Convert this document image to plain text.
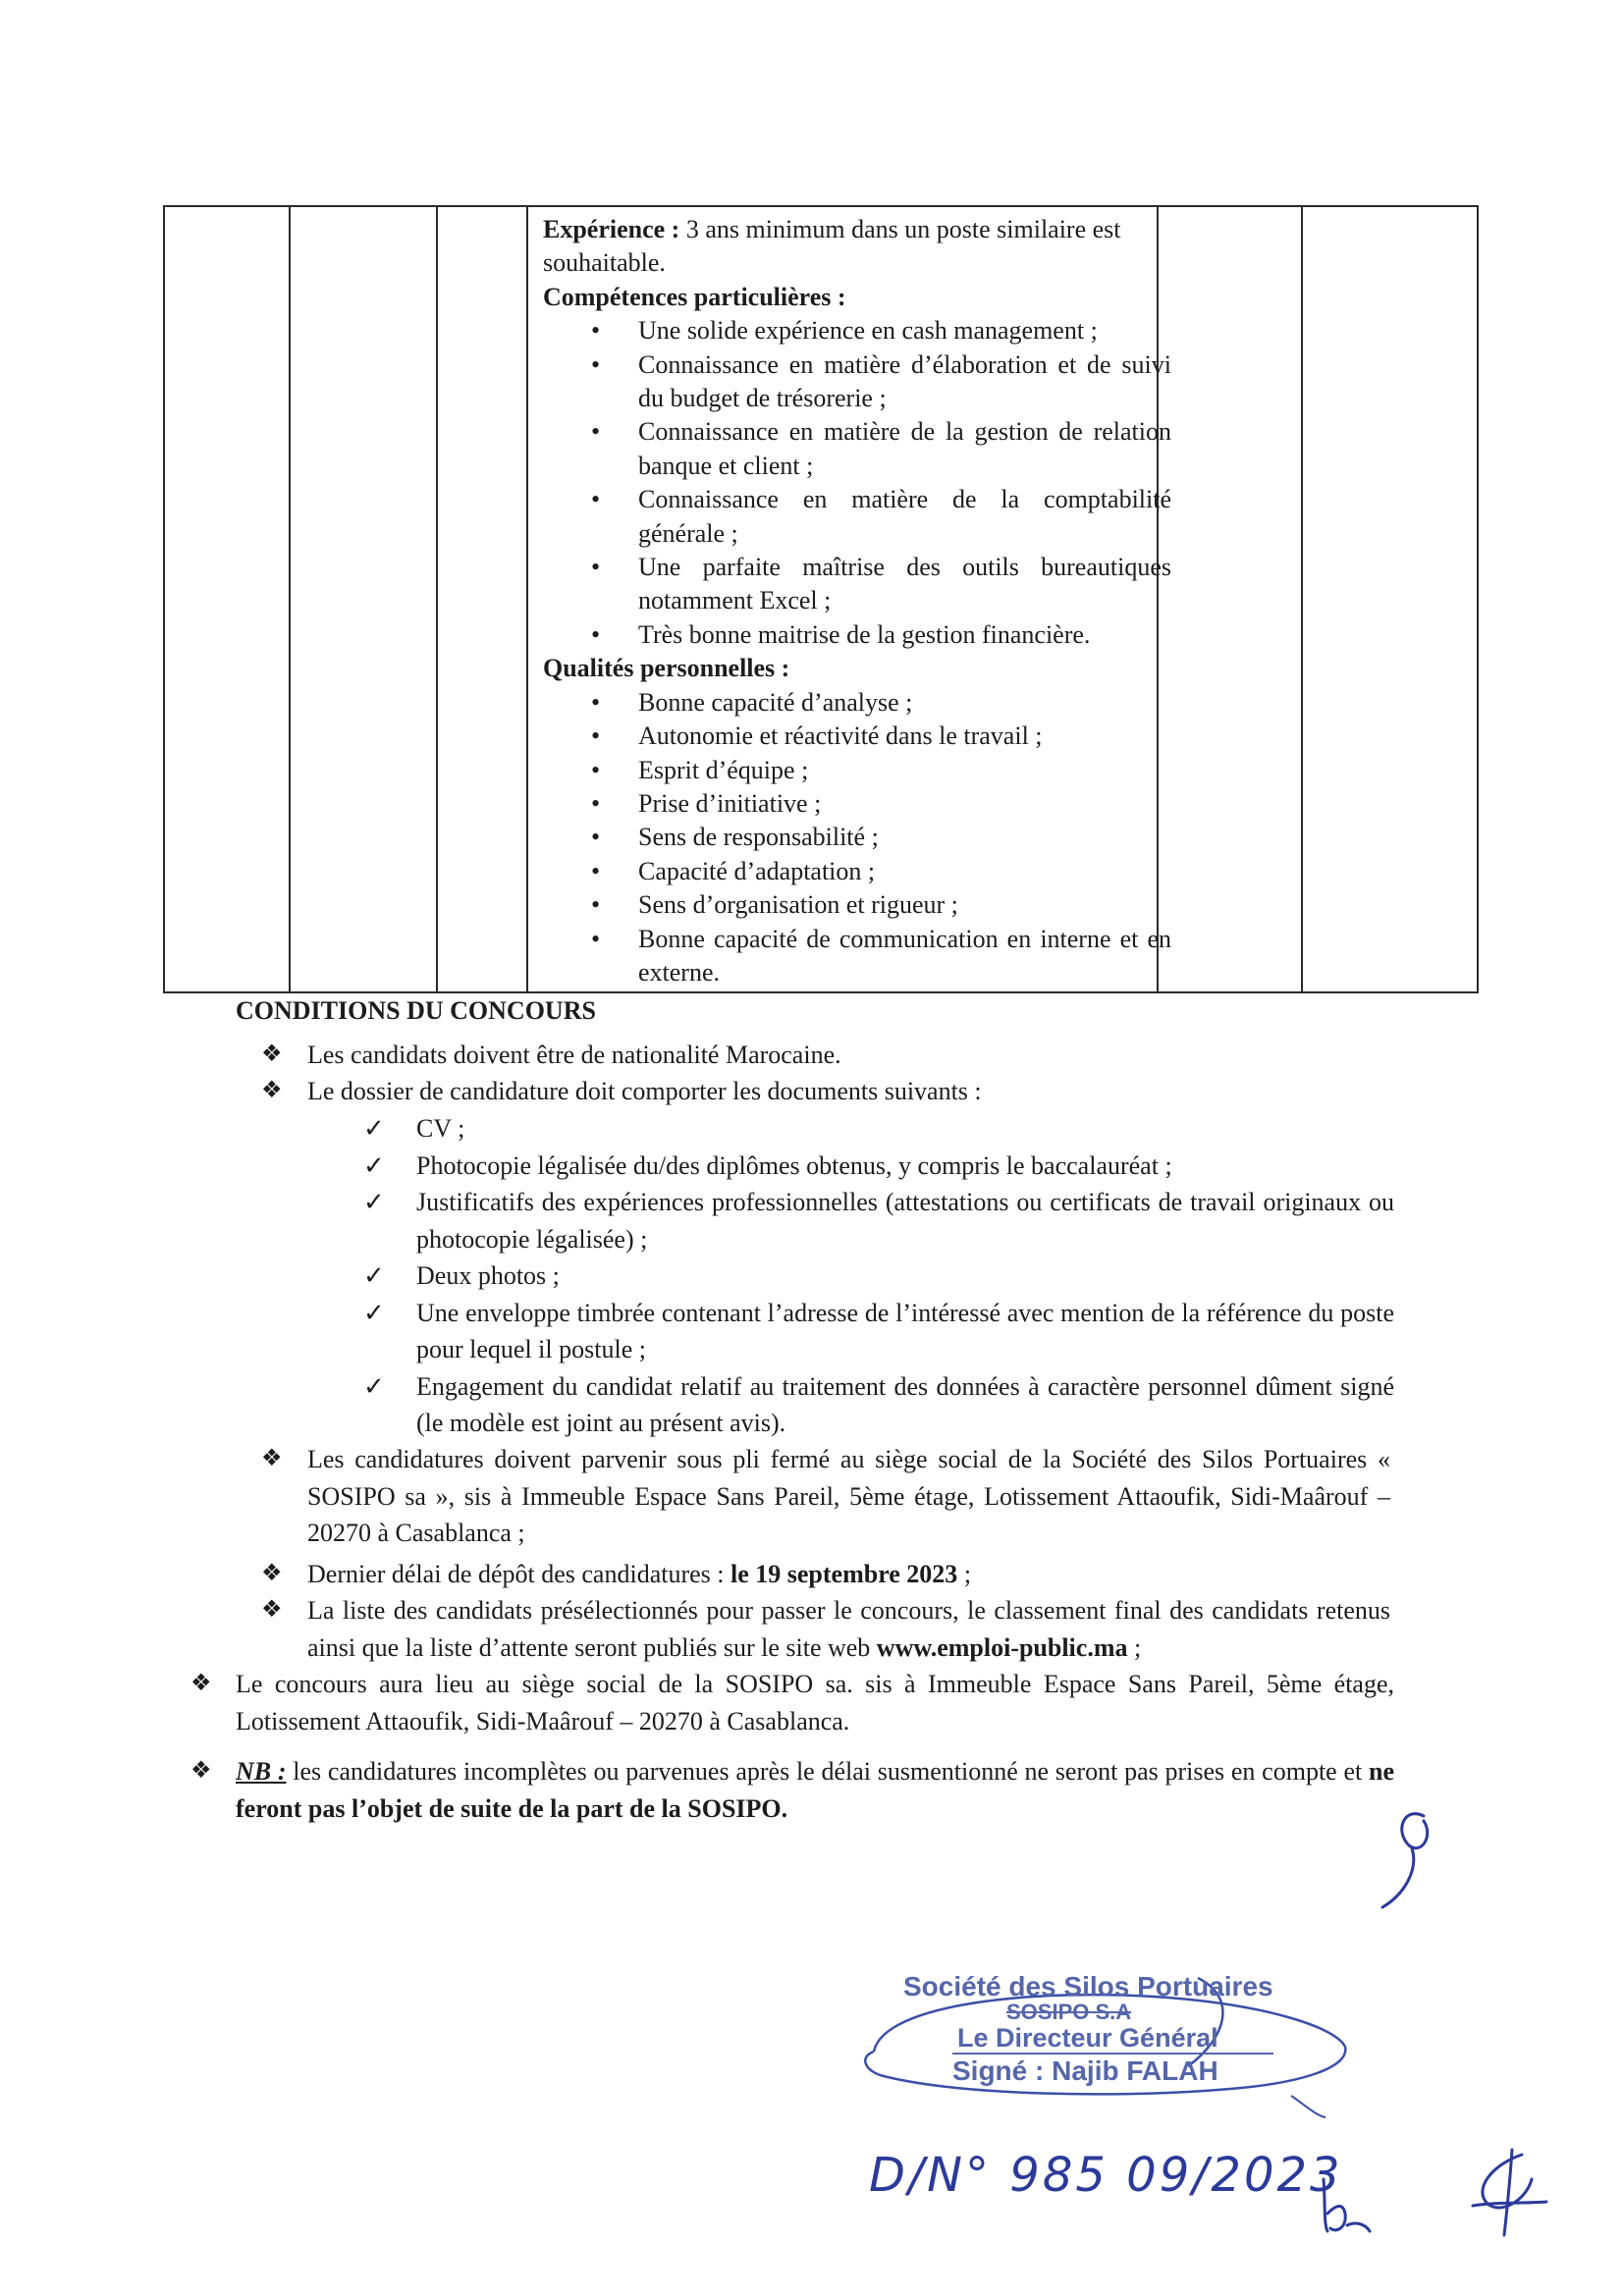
Expérience : 3 ans minimum dans un poste similaire est souhaitable.
Compétences particulières :
• Une solide expérience en cash management ;
• Connaissance en matière d’élaboration et de suivi du budget de trésorerie ;
• Connaissance en matière de la gestion de relation banque et client ;
• Connaissance en matière de la comptabilité générale ;
• Une parfaite maîtrise des outils bureautiques notamment Excel ;
• Très bonne maitrise de la gestion financière.
Qualités personnelles :
• Bonne capacité d’analyse ;
• Autonomie et réactivité dans le travail ;
• Esprit d’équipe ;
• Prise d’initiative ;
• Sens de responsabilité ;
• Capacité d’adaptation ;
• Sens d’organisation et rigueur ;
• Bonne capacité de communication en interne et en externe.
CONDITIONS DU CONCOURS
❖ Les candidats doivent être de nationalité Marocaine.
❖ Le dossier de candidature doit comporter les documents suivants :
✓ CV ;
✓ Photocopie légalisée du/des diplômes obtenus, y compris le baccalauréat ;
✓ Justificatifs des expériences professionnelles (attestations ou certificats de travail originaux ou photocopie légalisée) ;
✓ Deux photos ;
✓ Une enveloppe timbrée contenant l’adresse de l’intéressé avec mention de la référence du poste pour lequel il postule ;
✓ Engagement du candidat relatif au traitement des données à caractère personnel dûment signé (le modèle est joint au présent avis).
❖ Les candidatures doivent parvenir sous pli fermé au siège social de la Société des Silos Portuaires « SOSIPO sa », sis à Immeuble Espace Sans Pareil, 5ème étage, Lotissement Attaoufik, Sidi-Maârouf – 20270 à Casablanca ;
❖ Dernier délai de dépôt des candidatures : le 19 septembre 2023 ;
❖ La liste des candidats présélectionnés pour passer le concours, le classement final des candidats retenus ainsi que la liste d’attente seront publiés sur le site web www.emploi-public.ma ;
❖ Le concours aura lieu au siège social de la SOSIPO sa. sis à Immeuble Espace Sans Pareil, 5ème étage, Lotissement Attaoufik, Sidi-Maârouf – 20270 à Casablanca.
❖ NB : les candidatures incomplètes ou parvenues après le délai susmentionné ne seront pas prises en compte et ne feront pas l’objet de suite de la part de la SOSIPO.
Société des Silos Portuaires
SOSIPO S.A
Le Directeur Général
Signé : Najib FALAH
D/N° 985 09/2023
